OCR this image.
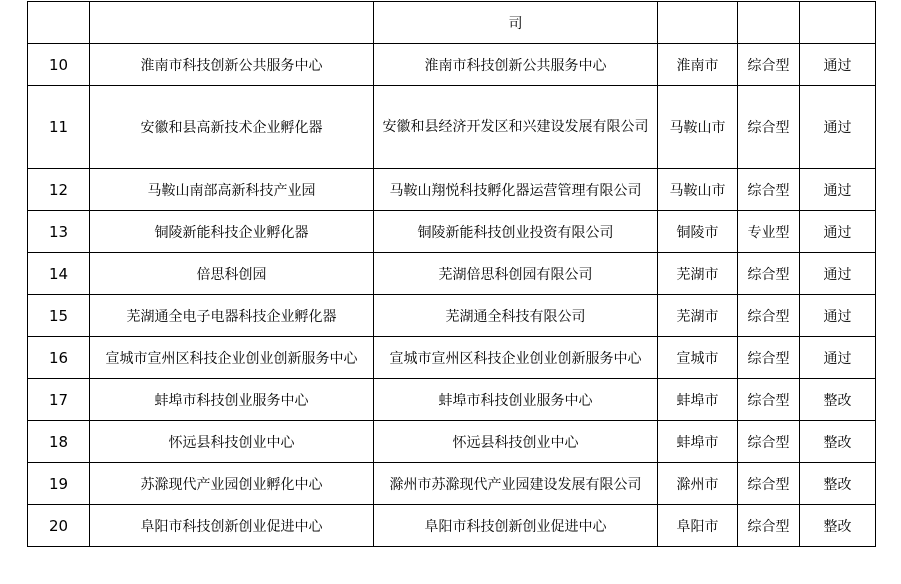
		司			
10	淮南市科技创新公共服务中心	淮南市科技创新公共服务中心	淮南市	综合型	通过
11	安徽和县高新技术企业孵化器	安徽和县经济开发区和兴建设发展有限公司	马鞍山市	综合型	通过
12	马鞍山南部高新科技产业园	马鞍山翔悦科技孵化器运营管理有限公司	马鞍山市	综合型	通过
13	铜陵新能科技企业孵化器	铜陵新能科技创业投资有限公司	铜陵市	专业型	通过
14	倍思科创园	芜湖倍思科创园有限公司	芜湖市	综合型	通过
15	芜湖通全电子电器科技企业孵化器	芜湖通全科技有限公司	芜湖市	综合型	通过
16	宣城市宣州区科技企业创业创新服务中心	宣城市宣州区科技企业创业创新服务中心	宣城市	综合型	通过
17	蚌埠市科技创业服务中心	蚌埠市科技创业服务中心	蚌埠市	综合型	整改
18	怀远县科技创业中心	怀远县科技创业中心	蚌埠市	综合型	整改
19	苏滁现代产业园创业孵化中心	滁州市苏滁现代产业园建设发展有限公司	滁州市	综合型	整改
20	阜阳市科技创新创业促进中心	阜阳市科技创新创业促进中心	阜阳市	综合型	整改
